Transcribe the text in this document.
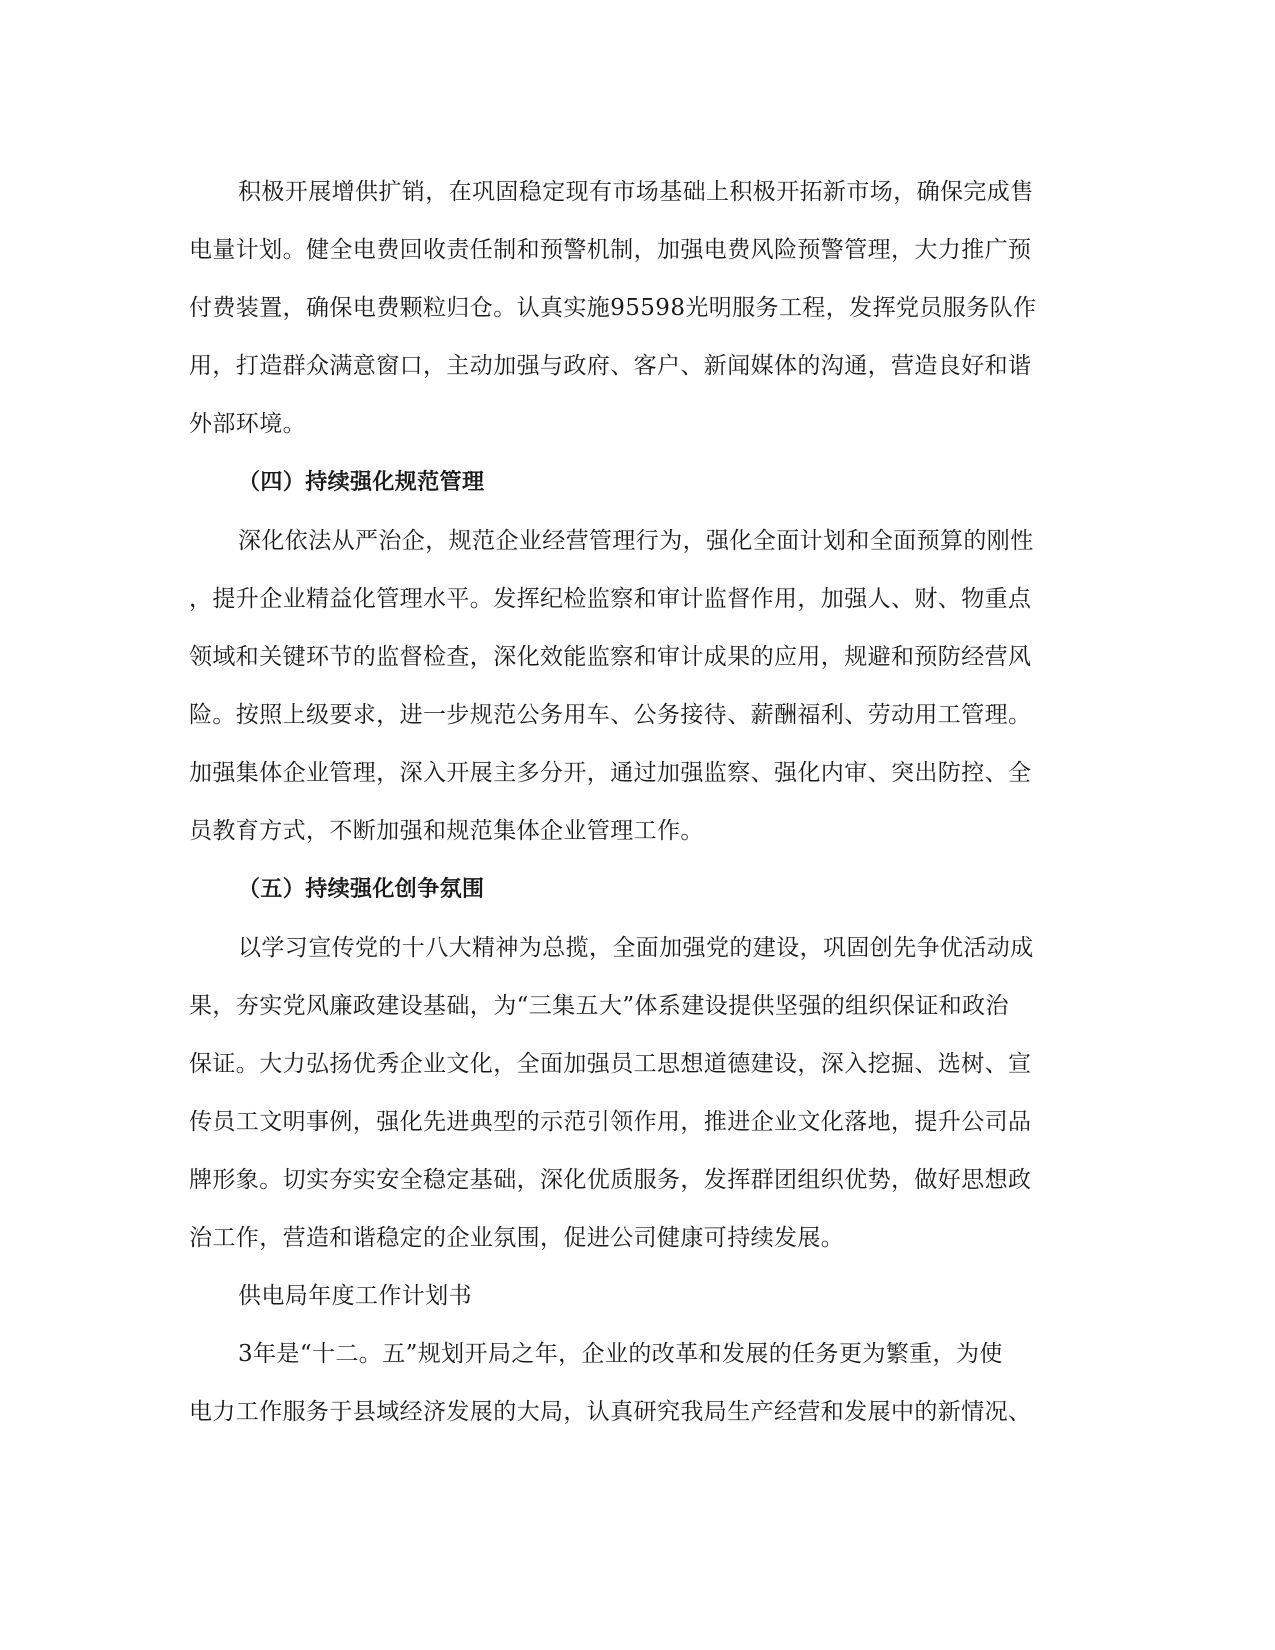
积极开展增供扩销，在巩固稳定现有市场基础上积极开拓新市场，确保完成售
电量计划。健全电费回收责任制和预警机制，加强电费风险预警管理，大力推广预
付费装置，确保电费颗粒归仓。认真实施95598光明服务工程，发挥党员服务队作
用，打造群众满意窗口，主动加强与政府、客户、新闻媒体的沟通，营造良好和谐
外部环境。
（四）持续强化规范管理
深化依法从严治企，规范企业经营管理行为，强化全面计划和全面预算的刚性
，提升企业精益化管理水平。发挥纪检监察和审计监督作用，加强人、财、物重点
领域和关键环节的监督检查，深化效能监察和审计成果的应用，规避和预防经营风
险。按照上级要求，进一步规范公务用车、公务接待、薪酬福利、劳动用工管理。
加强集体企业管理，深入开展主多分开，通过加强监察、强化内审、突出防控、全
员教育方式，不断加强和规范集体企业管理工作。
（五）持续强化创争氛围
以学习宣传党的十八大精神为总揽，全面加强党的建设，巩固创先争优活动成
果，夯实党风廉政建设基础，为“三集五大”体系建设提供坚强的组织保证和政治
保证。大力弘扬优秀企业文化，全面加强员工思想道德建设，深入挖掘、选树、宣
传员工文明事例，强化先进典型的示范引领作用，推进企业文化落地，提升公司品
牌形象。切实夯实安全稳定基础，深化优质服务，发挥群团组织优势，做好思想政
治工作，营造和谐稳定的企业氛围，促进公司健康可持续发展。
供电局年度工作计划书
3年是“十二。五”规划开局之年，企业的改革和发展的任务更为繁重，为使
电力工作服务于县域经济发展的大局，认真研究我局生产经营和发展中的新情况、
